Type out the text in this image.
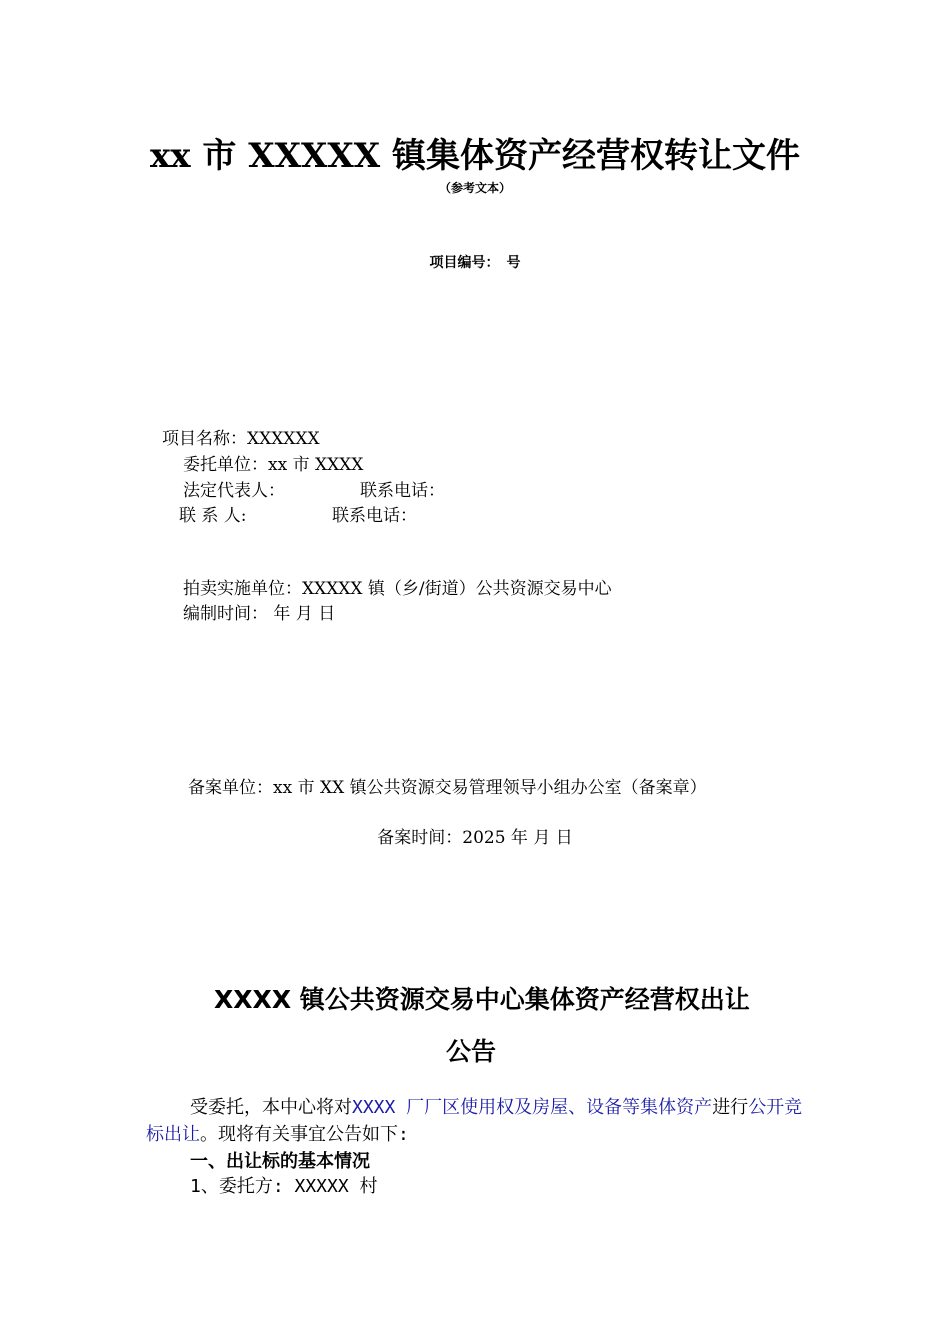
xx 市 XXXXX 镇集体资产经营权转让文件
（参考文本）
项目编号：　号
项目名称：XXXXXX
委托单位：xx 市 XXXX
法定代表人：	联系电话：
联 系 人:	联系电话：
拍卖实施单位：XXXXX 镇（乡/街道）公共资源交易中心
编制时间： 年 月 日
备案单位：xx 市 XX 镇公共资源交易管理领导小组办公室（备案章）
备案时间：2025 年 月 日
XXXX 镇公共资源交易中心集体资产经营权出让
公告
受委托，本中心将对XXXX 厂厂区使用权及房屋、设备等集体资产进行公开竞标出让。现将有关事宜公告如下:
一、出让标的基本情况
1、委托方: XXXXX 村
